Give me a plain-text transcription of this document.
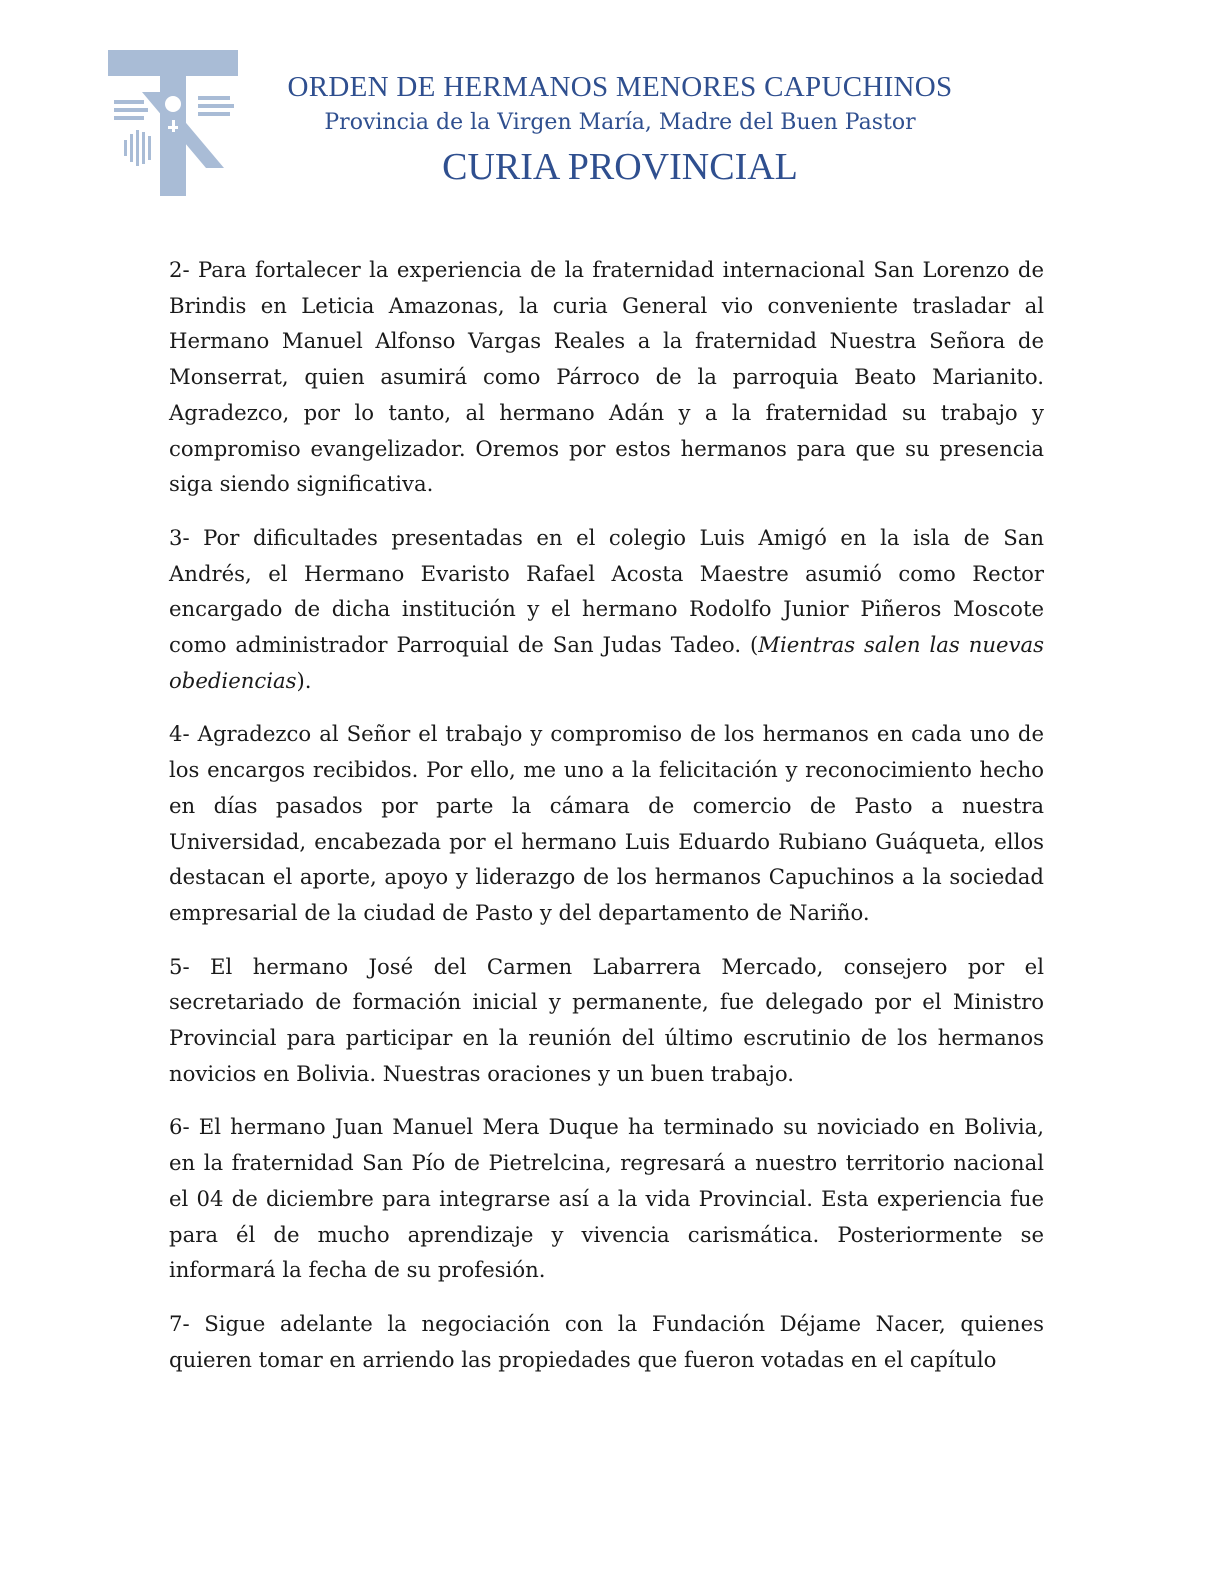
ORDEN DE HERMANOS MENORES CAPUCHINOS
Provincia de la Virgen María, Madre del Buen Pastor
CURIA PROVINCIAL

2- Para fortalecer la experiencia de la fraternidad internacional San Lorenzo de Brindis en Leticia Amazonas, la curia General vio conveniente trasladar al Hermano Manuel Alfonso Vargas Reales a la fraternidad Nuestra Señora de Monserrat, quien asumirá como Párroco de la parroquia Beato Marianito. Agradezco, por lo tanto, al hermano Adán y a la fraternidad su trabajo y compromiso evangelizador. Oremos por estos hermanos para que su presencia siga siendo significativa.

3- Por dificultades presentadas en el colegio Luis Amigó en la isla de San Andrés, el Hermano Evaristo Rafael Acosta Maestre asumió como Rector encargado de dicha institución y el hermano Rodolfo Junior Piñeros Moscote como administrador Parroquial de San Judas Tadeo. (Mientras salen las nuevas obediencias).

4- Agradezco al Señor el trabajo y compromiso de los hermanos en cada uno de los encargos recibidos. Por ello, me uno a la felicitación y reconocimiento hecho en días pasados por parte la cámara de comercio de Pasto a nuestra Universidad, encabezada por el hermano Luis Eduardo Rubiano Guáqueta, ellos destacan el aporte, apoyo y liderazgo de los hermanos Capuchinos a la sociedad empresarial de la ciudad de Pasto y del departamento de Nariño.

5- El hermano José del Carmen Labarrera Mercado, consejero por el secretariado de formación inicial y permanente, fue delegado por el Ministro Provincial para participar en la reunión del último escrutinio de los hermanos novicios en Bolivia. Nuestras oraciones y un buen trabajo.

6- El hermano Juan Manuel Mera Duque ha terminado su noviciado en Bolivia, en la fraternidad San Pío de Pietrelcina, regresará a nuestro territorio nacional el 04 de diciembre para integrarse así a la vida Provincial. Esta experiencia fue para él de mucho aprendizaje y vivencia carismática. Posteriormente se informará la fecha de su profesión.

7- Sigue adelante la negociación con la Fundación Déjame Nacer, quienes quieren tomar en arriendo las propiedades que fueron votadas en el capítulo
